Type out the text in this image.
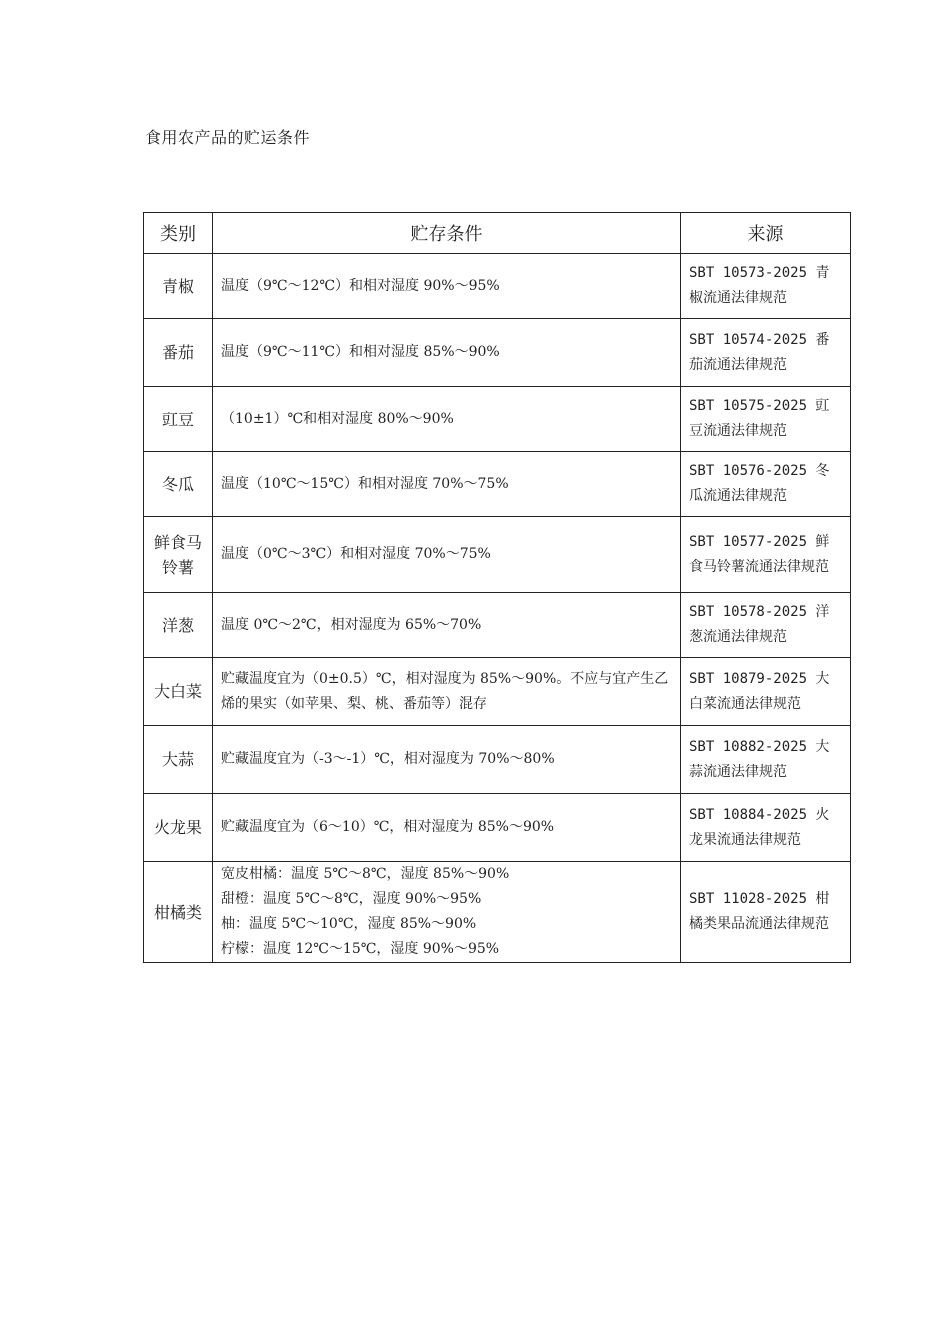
食用农产品的贮运条件
类别	贮存条件	来源
青椒	温度（9℃～12℃）和相对湿度 90%～95%	SBT 10573-2025 青椒流通法律规范
番茄	温度（9℃～11℃）和相对湿度 85%～90%	SBT 10574-2025 番茄流通法律规范
豇豆	（10±1）℃和相对湿度 80%～90%	SBT 10575-2025 豇豆流通法律规范
冬瓜	温度（10℃～15℃）和相对湿度 70%～75%	SBT 10576-2025 冬瓜流通法律规范
鲜食马铃薯	温度（0℃～3℃）和相对湿度 70%～75%	SBT 10577-2025 鲜食马铃薯流通法律规范
洋葱	温度 0℃～2℃，相对湿度为 65%～70%	SBT 10578-2025 洋葱流通法律规范
大白菜	贮藏温度宜为（0±0.5）℃，相对湿度为 85%～90%。不应与宜产生乙烯的果实（如苹果、梨、桃、番茄等）混存	SBT 10879-2025 大白菜流通法律规范
大蒜	贮藏温度宜为（-3～-1）℃，相对湿度为 70%～80%	SBT 10882-2025 大蒜流通法律规范
火龙果	贮藏温度宜为（6～10）℃，相对湿度为 85%～90%	SBT 10884-2025 火龙果流通法律规范
柑橘类	宽皮柑橘：温度 5℃～8℃，湿度 85%～90%
甜橙：温度 5℃～8℃，湿度 90%～95%
柚：温度 5℃～10℃，湿度 85%～90%
柠檬：温度 12℃～15℃，湿度 90%～95%	SBT 11028-2025 柑橘类果品流通法律规范
